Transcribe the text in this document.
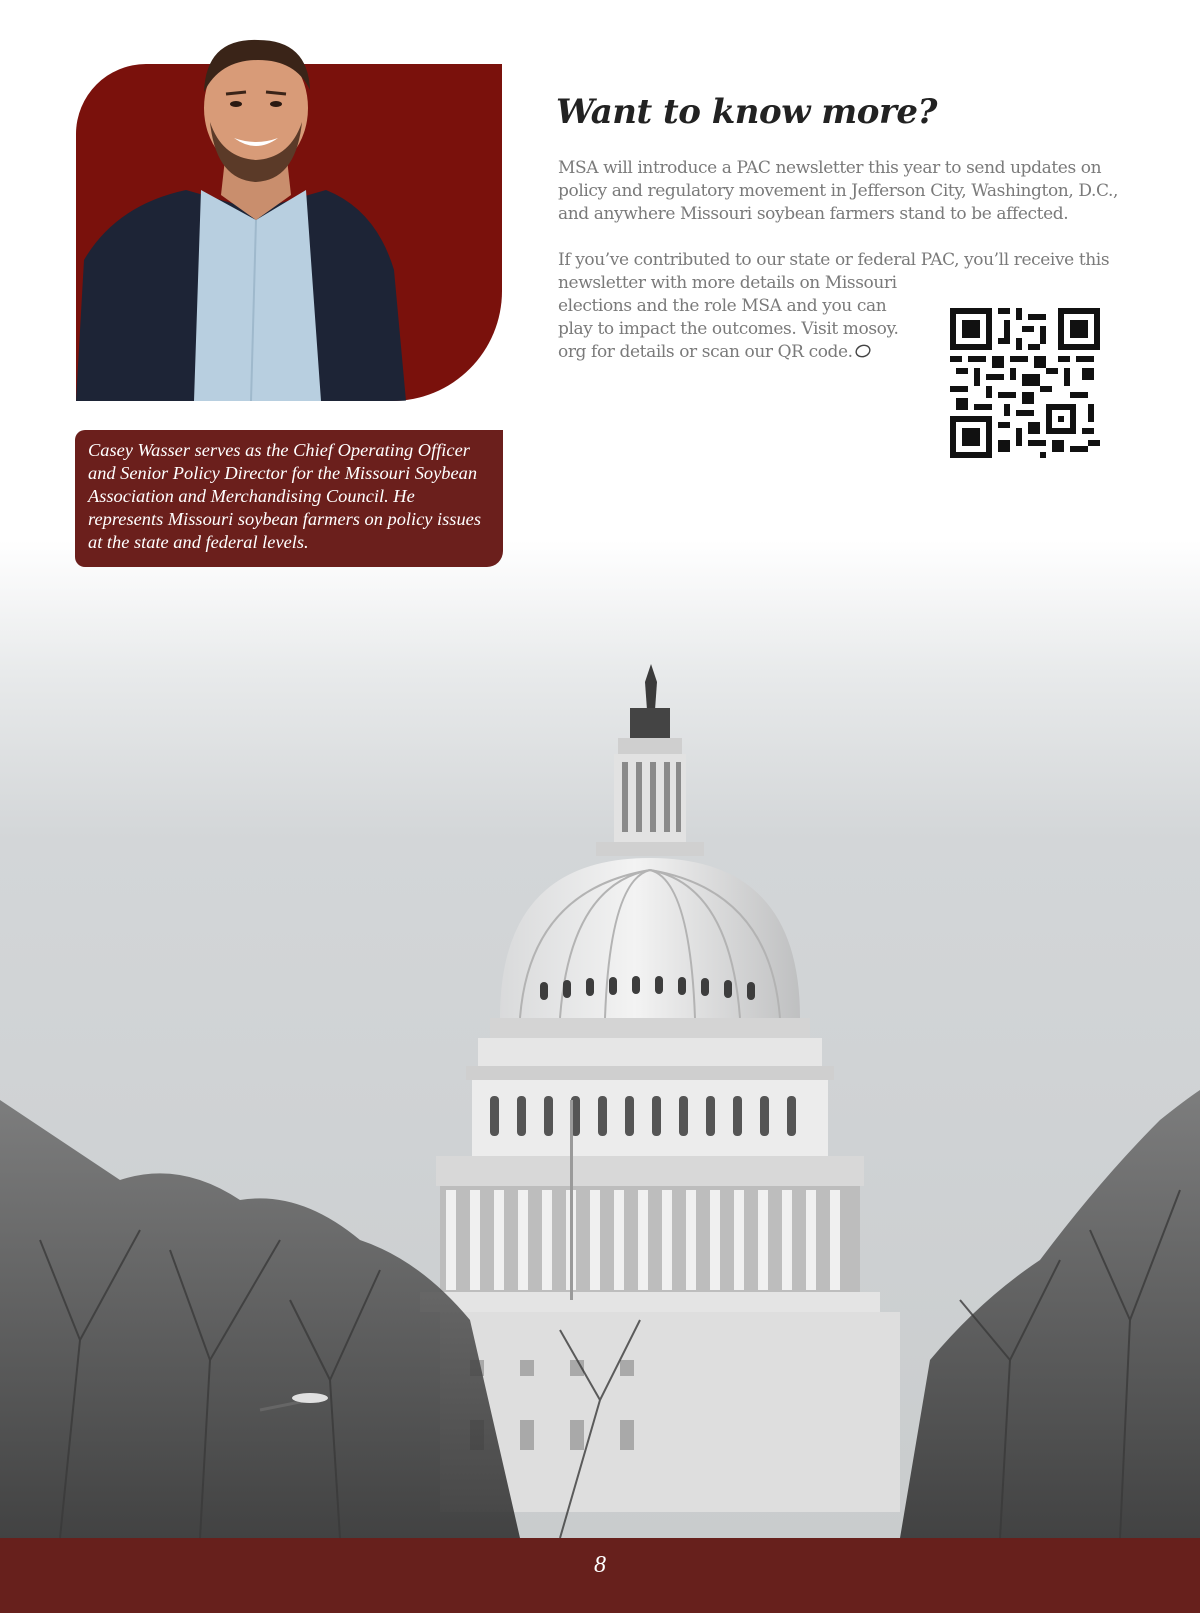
Casey Wasser serves as the Chief Operating Officer and Senior Policy Director for the Missouri Soybean Association and Merchandising Council. He represents Missouri soybean farmers on policy issues at the state and federal levels.

Want to know more?

MSA will introduce a PAC newsletter this year to send updates on policy and regulatory movement in Jefferson City, Washington, D.C., and anywhere Missouri soybean farmers stand to be affected.

If you’ve contributed to our state or federal PAC, you’ll receive this

newsletter with more details on Missouri elections and the role MSA and you can play to impact the outcomes. Visit mosoy. org for details or scan our QR code.

8
